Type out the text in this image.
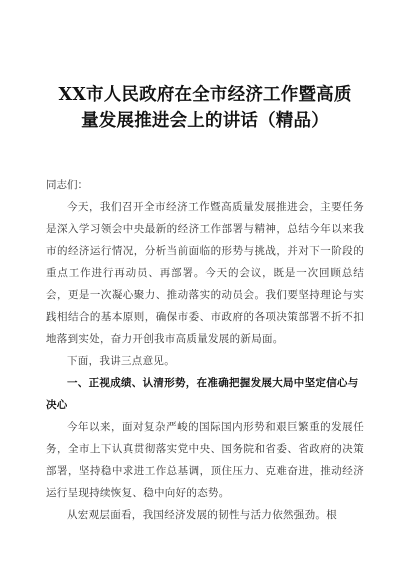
XX市人民政府在全市经济工作暨高质
量发展推进会上的讲话（精品）

同志们：

今天，我们召开全市经济工作暨高质量发展推进会，主要任务是深入学习领会中央最新的经济工作部署与精神，总结今年以来我市的经济运行情况，分析当前面临的形势与挑战，并对下一阶段的重点工作进行再动员、再部署。今天的会议，既是一次回顾总结会，更是一次凝心聚力、推动落实的动员会。我们要坚持理论与实践相结合的基本原则，确保市委、市政府的各项决策部署不折不扣地落到实处，奋力开创我市高质量发展的新局面。

下面，我讲三点意见。

一、正视成绩、认清形势，在准确把握发展大局中坚定信心与决心

今年以来，面对复杂严峻的国际国内形势和艰巨繁重的发展任务，全市上下认真贯彻落实党中央、国务院和省委、省政府的决策部署，坚持稳中求进工作总基调，顶住压力、克难奋进，推动经济运行呈现持续恢复、稳中向好的态势。

从宏观层面看，我国经济发展的韧性与活力依然强劲。根
